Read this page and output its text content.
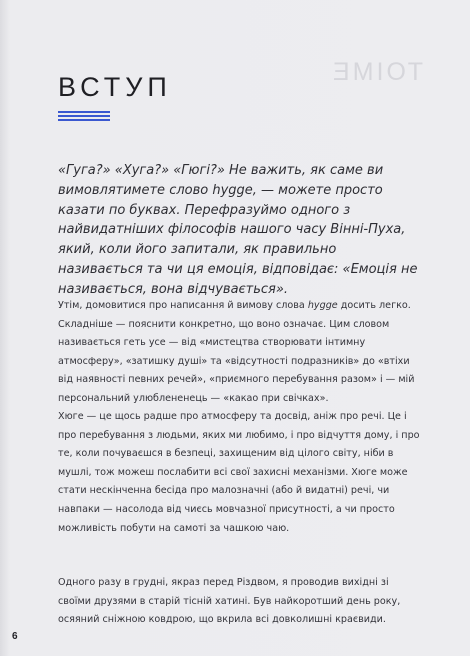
ТОІМЕ
ВСТУП

«Гуга?» «Хуга?» «Гюгі?» Не важить, як саме ви вимовлятимете слово hygge, — можете просто казати по буквах. Перефразуймо одного з найвидатніших філософів нашого часу Вінні-Пуха, який, коли його запитали, як правильно називається та чи ця емоція, відповідає: «Емоція не називається, вона відчувається».

Утім, домовитися про написання й вимову слова hygge досить легко. Складніше — пояснити конкретно, що воно означає. Цим словом називається геть усе — від «мистецтва створювати інтимну атмосферу», «затишку душі» та «відсутності подразників» до «втіхи від наявності певних речей», «приємного перебування разом» і — мій персональний улюблененець — «какао при свічках».

Хюге — це щось радше про атмосферу та досвід, аніж про речі. Це і про перебування з людьми, яких ми любимо, і про відчуття дому, і про те, коли почуваєшся в безпеці, захищеним від цілого світу, ніби в мушлі, тож можеш послабити всі свої захисні механізми. Хюге може стати нескінченна бесіда про малозначні (або й видатні) речі, чи навпаки — насолода від чиєсь мовчазної присутності, а чи просто можливість побути на самоті за чашкою чаю.

Одного разу в грудні, якраз перед Різдвом, я проводив вихідні зі своїми друзями в старій тісній хатині. Був найкоротший день року, осяяний сніжною ковдрою, що вкрила всі довколишні краєвиди.

6
